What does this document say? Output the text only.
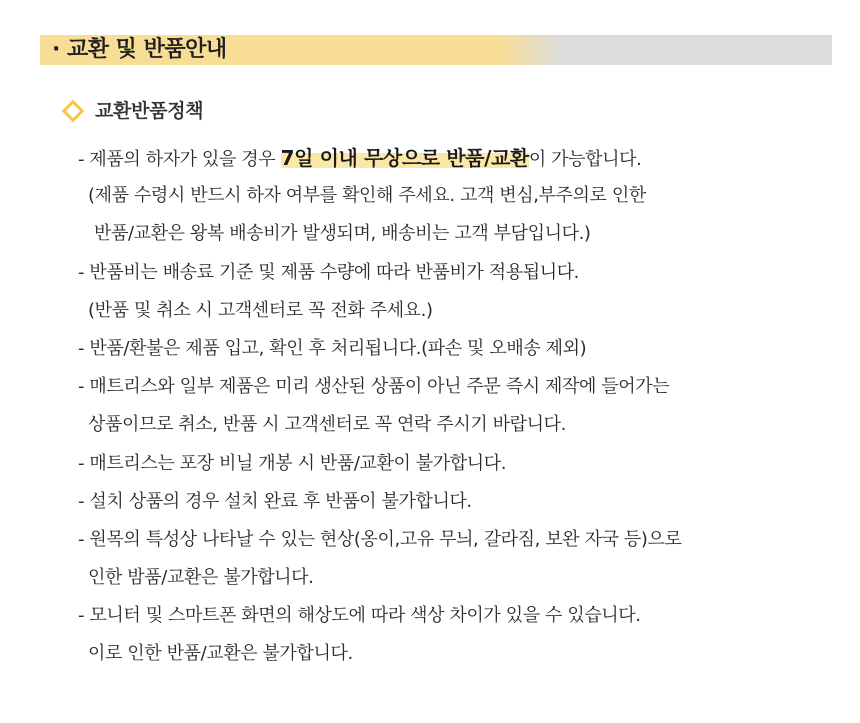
· 교환 및 반품안내
교환반품정책
- 제품의 하자가 있을 경우 7일 이내 무상으로 반품/교환이 가능합니다.
(제품 수령시 반드시 하자 여부를 확인해 주세요. 고객 변심,부주의로 인한
반품/교환은 왕복 배송비가 발생되며, 배송비는 고객 부담입니다.)
- 반품비는 배송료 기준 및 제품 수량에 따라 반품비가 적용됩니다.
(반품 및 취소 시 고객센터로 꼭 전화 주세요.)
- 반품/환불은 제품 입고, 확인 후 처리됩니다.(파손 및 오배송 제외)
- 매트리스와 일부 제품은 미리 생산된 상품이 아닌 주문 즉시 제작에 들어가는
상품이므로 취소, 반품 시 고객센터로 꼭 연락 주시기 바랍니다.
- 매트리스는 포장 비닐 개봉 시 반품/교환이 불가합니다.
- 설치 상품의 경우 설치 완료 후 반품이 불가합니다.
- 원목의 특성상 나타날 수 있는 현상(옹이,고유 무늬, 갈라짐, 보완 자국 등)으로
인한 밤품/교환은 불가합니다.
- 모니터 및 스마트폰 화면의 해상도에 따라 색상 차이가 있을 수 있습니다.
이로 인한 반품/교환은 불가합니다.
